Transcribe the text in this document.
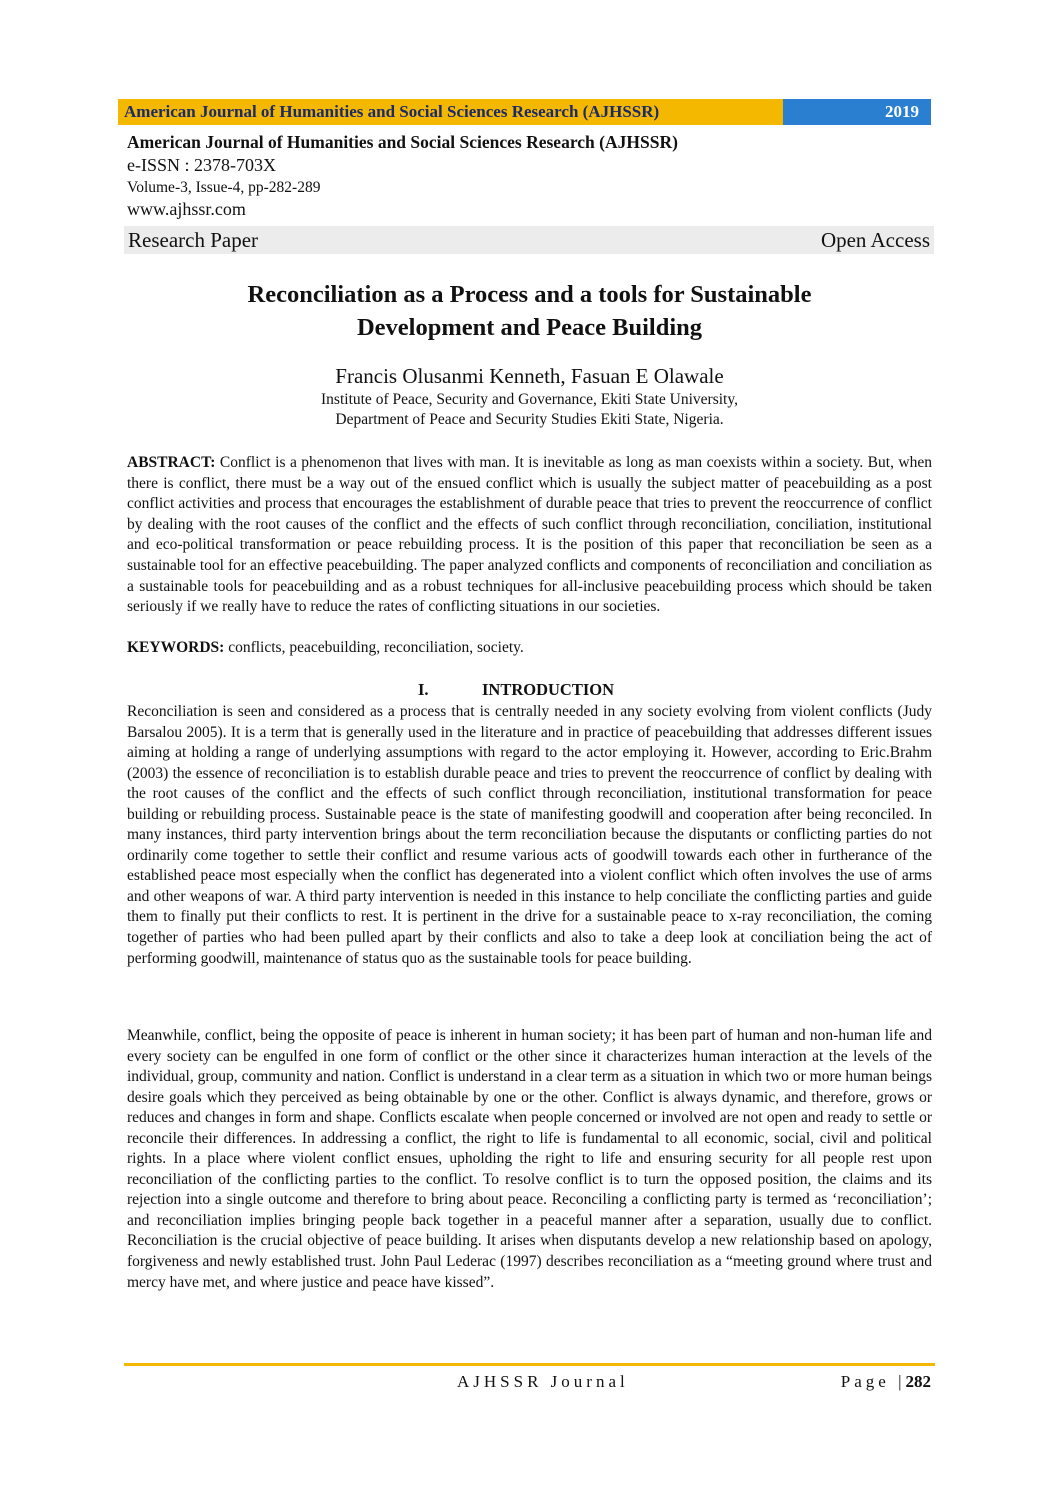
American Journal of Humanities and Social Sciences Research (AJHSSR)	2019
American Journal of Humanities and Social Sciences Research (AJHSSR)
e-ISSN : 2378-703X
Volume-3, Issue-4, pp-282-289
www.ajhssr.com
Research Paper	Open Access
Reconciliation as a Process and a tools for Sustainable
Development and Peace Building
Francis Olusanmi Kenneth, Fasuan E Olawale
Institute of Peace, Security and Governance, Ekiti State University,
Department of Peace and Security Studies Ekiti State, Nigeria.
ABSTRACT: Conflict is a phenomenon that lives with man. It is inevitable as long as man coexists within a society. But, when there is conflict, there must be a way out of the ensued conflict which is usually the subject matter of peacebuilding as a post conflict activities and process that encourages the establishment of durable peace that tries to prevent the reoccurrence of conflict by dealing with the root causes of the conflict and the effects of such conflict through reconciliation, conciliation, institutional and eco-political transformation or peace rebuilding process. It is the position of this paper that reconciliation be seen as a sustainable tool for an effective peacebuilding. The paper analyzed conflicts and components of reconciliation and conciliation as a sustainable tools for peacebuilding and as a robust techniques for all-inclusive peacebuilding process which should be taken seriously if we really have to reduce the rates of conflicting situations in our societies.
KEYWORDS: conflicts, peacebuilding, reconciliation, society.
I.	INTRODUCTION
Reconciliation is seen and considered as a process that is centrally needed in any society evolving from violent conflicts (Judy Barsalou 2005). It is a term that is generally used in the literature and in practice of peacebuilding that addresses different issues aiming at holding a range of underlying assumptions with regard to the actor employing it. However, according to Eric.Brahm (2003) the essence of reconciliation is to establish durable peace and tries to prevent the reoccurrence of conflict by dealing with the root causes of the conflict and the effects of such conflict through reconciliation, institutional transformation for peace building or rebuilding process. Sustainable peace is the state of manifesting goodwill and cooperation after being reconciled. In many instances, third party intervention brings about the term reconciliation because the disputants or conflicting parties do not ordinarily come together to settle their conflict and resume various acts of goodwill towards each other in furtherance of the established peace most especially when the conflict has degenerated into a violent conflict which often involves the use of arms and other weapons of war. A third party intervention is needed in this instance to help conciliate the conflicting parties and guide them to finally put their conflicts to rest. It is pertinent in the drive for a sustainable peace to x-ray reconciliation, the coming together of parties who had been pulled apart by their conflicts and also to take a deep look at conciliation being the act of performing goodwill, maintenance of status quo as the sustainable tools for peace building.
Meanwhile, conflict, being the opposite of peace is inherent in human society; it has been part of human and non-human life and every society can be engulfed in one form of conflict or the other since it characterizes human interaction at the levels of the individual, group, community and nation. Conflict is understand in a clear term as a situation in which two or more human beings desire goals which they perceived as being obtainable by one or the other. Conflict is always dynamic, and therefore, grows or reduces and changes in form and shape. Conflicts escalate when people concerned or involved are not open and ready to settle or reconcile their differences. In addressing a conflict, the right to life is fundamental to all economic, social, civil and political rights. In a place where violent conflict ensues, upholding the right to life and ensuring security for all people rest upon reconciliation of the conflicting parties to the conflict. To resolve conflict is to turn the opposed position, the claims and its rejection into a single outcome and therefore to bring about peace. Reconciling a conflicting party is termed as ‘reconciliation’; and reconciliation implies bringing people back together in a peaceful manner after a separation, usually due to conflict. Reconciliation is the crucial objective of peace building. It arises when disputants develop a new relationship based on apology, forgiveness and newly established trust. John Paul Lederac (1997) describes reconciliation as a “meeting ground where trust and mercy have met, and where justice and peace have kissed”.
AJHSSR Journal	Page |282
